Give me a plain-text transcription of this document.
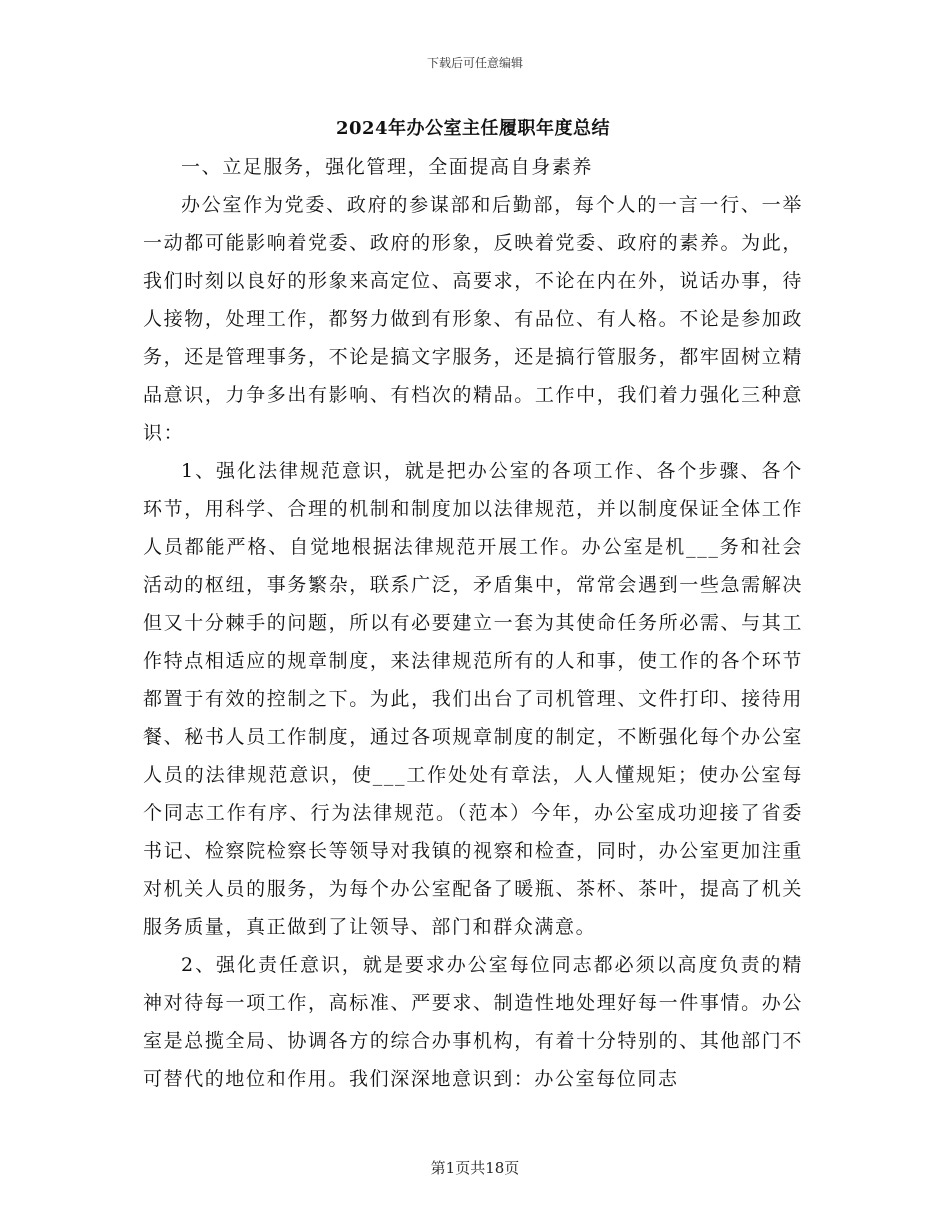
下载后可任意编辑
2024年办公室主任履职年度总结

一、立足服务，强化管理，全面提高自身素养

办公室作为党委、政府的参谋部和后勤部，每个人的一言一行、一举一动都可能影响着党委、政府的形象，反映着党委、政府的素养。为此，我们时刻以良好的形象来高定位、高要求，不论在内在外，说话办事，待人接物，处理工作，都努力做到有形象、有品位、有人格。不论是参加政务，还是管理事务，不论是搞文字服务，还是搞行管服务，都牢固树立精品意识，力争多出有影响、有档次的精品。工作中，我们着力强化三种意识：

1、强化法律规范意识，就是把办公室的各项工作、各个步骤、各个环节，用科学、合理的机制和制度加以法律规范，并以制度保证全体工作人员都能严格、自觉地根据法律规范开展工作。办公室是机___务和社会活动的枢纽，事务繁杂，联系广泛，矛盾集中，常常会遇到一些急需解决但又十分棘手的问题，所以有必要建立一套为其使命任务所必需、与其工作特点相适应的规章制度，来法律规范所有的人和事，使工作的各个环节都置于有效的控制之下。为此，我们出台了司机管理、文件打印、接待用餐、秘书人员工作制度，通过各项规章制度的制定，不断强化每个办公室人员的法律规范意识，使___工作处处有章法，人人懂规矩；使办公室每个同志工作有序、行为法律规范。（范本）今年，办公室成功迎接了省委书记、检察院检察长等领导对我镇的视察和检查，同时，办公室更加注重对机关人员的服务，为每个办公室配备了暖瓶、茶杯、茶叶，提高了机关服务质量，真正做到了让领导、部门和群众满意。

2、强化责任意识，就是要求办公室每位同志都必须以高度负责的精神对待每一项工作，高标准、严要求、制造性地处理好每一件事情。办公室是总揽全局、协调各方的综合办事机构，有着十分特别的、其他部门不可替代的地位和作用。我们深深地意识到：办公室每位同志

第1页共18页
